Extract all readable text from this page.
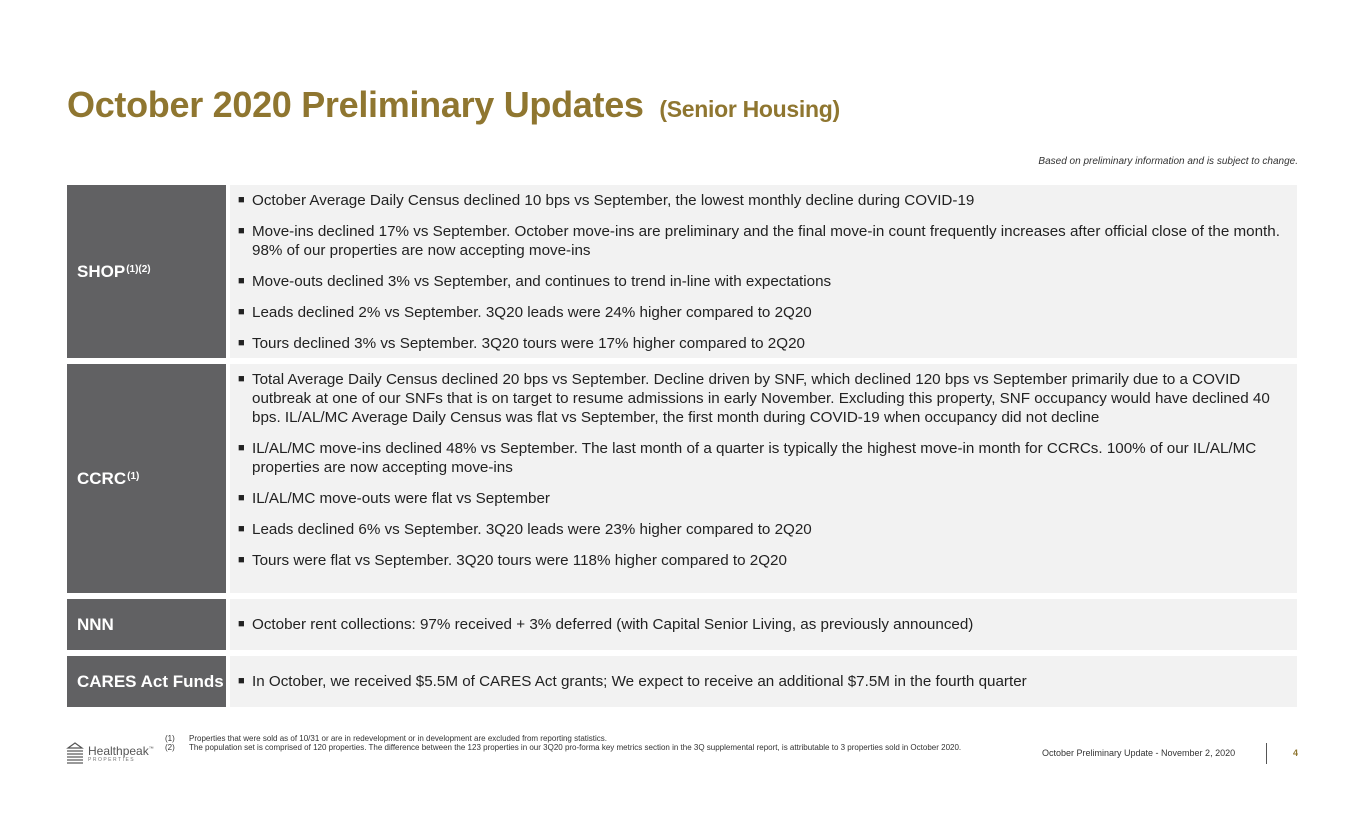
October 2020 Preliminary Updates (Senior Housing)
Based on preliminary information and is subject to change.
$SHOP^{(1)(2)}$
■ October Average Daily Census declined 10 bps vs September, the lowest monthly decline during COVID-19
■ Move-ins declined 17% vs September. October move-ins are preliminary and the final move-in count frequently increases after official close of the month. 98% of our properties are now accepting move-ins
■ Move-outs declined 3% vs September, and continues to trend in-line with expectations
■ Leads declined 2% vs September. 3Q20 leads were 24% higher compared to 2Q20
■ Tours declined 3% vs September. 3Q20 tours were 17% higher compared to 2Q20
CCRC$^{(1)}$
■ Total Average Daily Census declined 20 bps vs September. Decline driven by SNF, which declined 120 bps vs September primarily due to a COVID outbreak at one of our SNFs that is on target to resume admissions in early November. Excluding this property, SNF occupancy would have declined 40 bps. IL/AL/MC Average Daily Census was flat vs September, the first month during COVID-19 when occupancy did not decline
■ IL/AL/MC move-ins declined 48% vs September. The last month of a quarter is typically the highest move-in month for CCRCs. 100% of our IL/AL/MC properties are now accepting move-ins
■ IL/AL/MC move-outs were flat vs September
■ Leads declined 6% vs September. 3Q20 leads were 23% higher compared to 2Q20
■ Tours were flat vs September. 3Q20 tours were 118% higher compared to 2Q20
NNN	■ October rent collections: 97% received + 3% deferred (with Capital Senior Living, as previously announced)
CARES Act Funds ■ In October, we received $5.5M of CARES Act grants; We expect to receive an additional $7.5M in the fourth quarter
(1)	Properties that were sold as of 10/31 or are in redevelopment or in development are excluded from reporting statistics.
(2)	The population set is comprised of 120 properties. The difference between the 123 properties in our 3Q20 pro-forma key metrics section in the 3Q supplemental report, is attributable to 3 properties sold in October 2020.
Healthpeak™
PROPERTIES
October Preliminary Update - November 2, 2020	4
